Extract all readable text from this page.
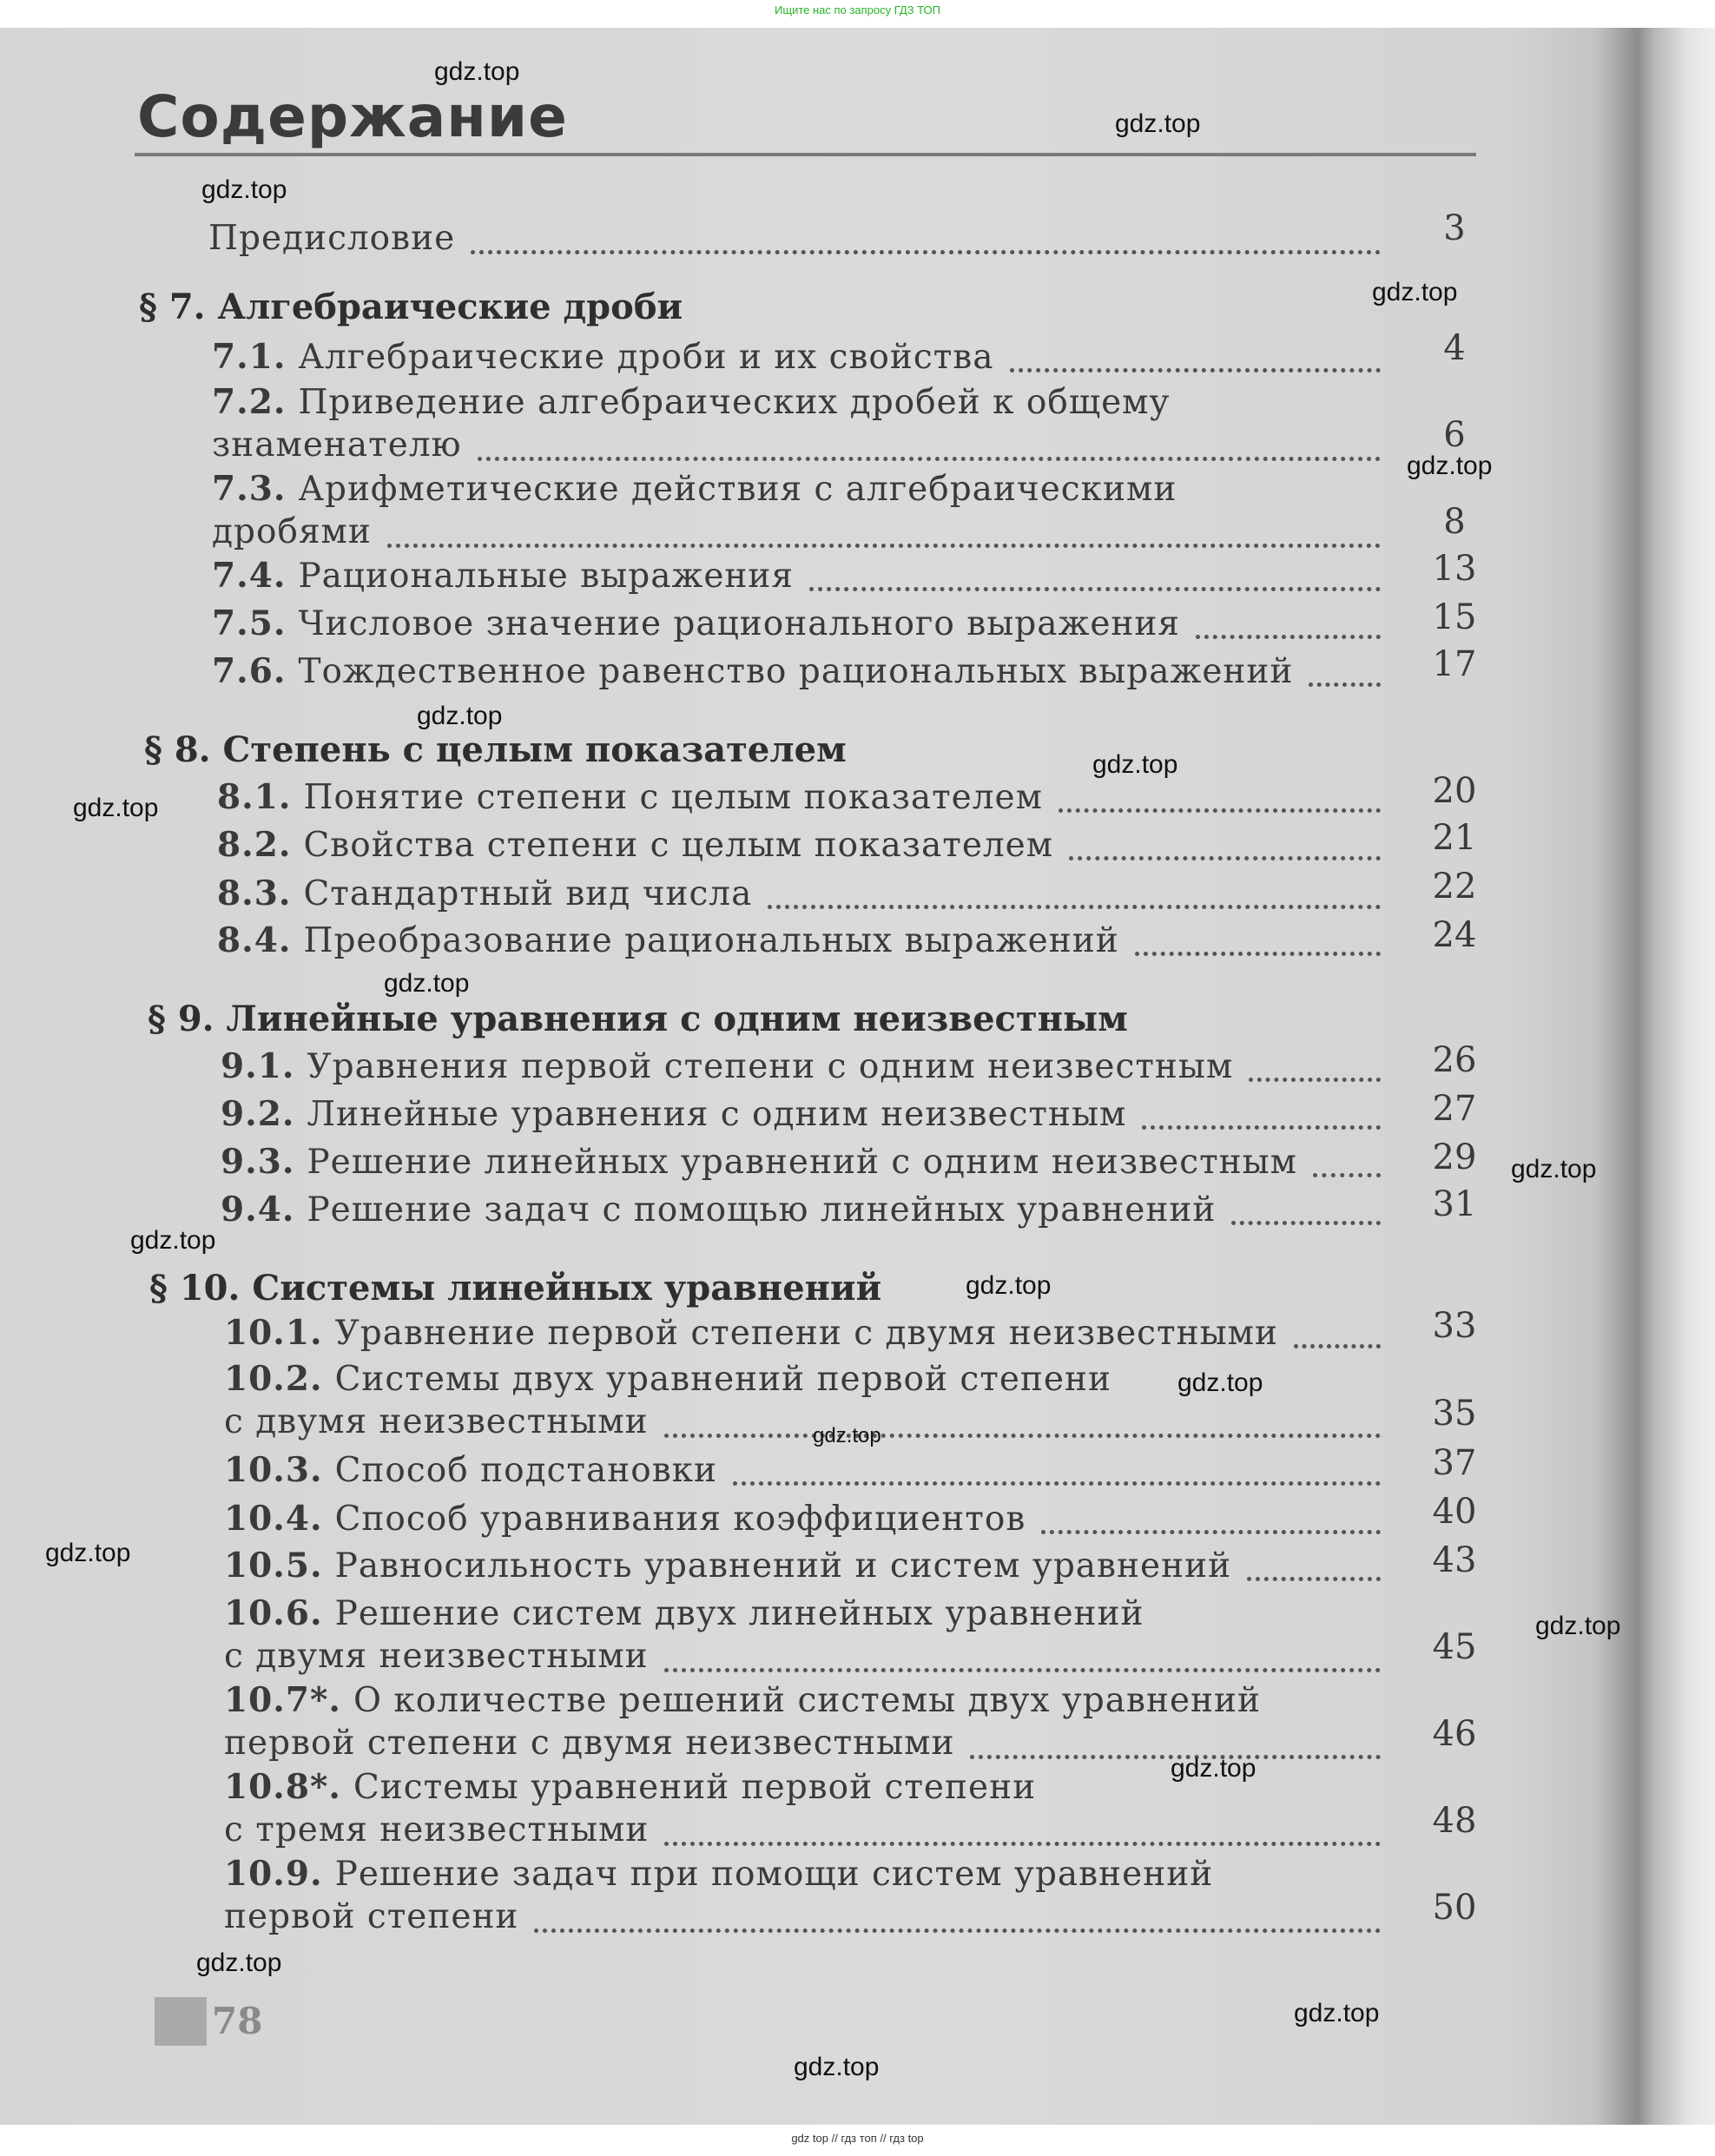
Ищите нас по запросу ГДЗ ТОП
Содержание
Предисловие	3
§ 7. Алгебраические дроби
7.1. Алгебраические дроби и их свойства	4
7.2. Приведение алгебраических дробей к общему
знаменателю	6
7.3. Арифметические действия с алгебраическими
дробями	8
7.4. Рациональные выражения	13
7.5. Числовое значение рационального выражения	15
7.6. Тождественное равенство рациональных выражений	17
§ 8. Степень с целым показателем
8.1. Понятие степени с целым показателем	20
8.2. Свойства степени с целым показателем	21
8.3. Стандартный вид числа	22
8.4. Преобразование рациональных выражений	24
§ 9. Линейные уравнения с одним неизвестным
9.1. Уравнения первой степени с одним неизвестным	26
9.2. Линейные уравнения с одним неизвестным	27
9.3. Решение линейных уравнений с одним неизвестным	29
9.4. Решение задач с помощью линейных уравнений	31
§ 10. Системы линейных уравнений
10.1. Уравнение первой степени с двумя неизвестными	33
10.2. Системы двух уравнений первой степени
с двумя неизвестными	35
10.3. Способ подстановки	37
10.4. Способ уравнивания коэффициентов	40
10.5. Равносильность уравнений и систем уравнений	43
10.6. Решение систем двух линейных уравнений
с двумя неизвестными	45
10.7*. О количестве решений системы двух уравнений
первой степени с двумя неизвестными	46
10.8*. Системы уравнений первой степени
с тремя неизвестными	48
10.9. Решение задач при помощи систем уравнений
первой степени	50
78
gdz.top
gdz.top
gdz.top
gdz.top
gdz.top
gdz.top
gdz.top
gdz.top
gdz.top
gdz.top
gdz.top
gdz.top
gdz.top
gdz.top
gdz.top
gdz.top
gdz.top
gdz.top
gdz.top
gdz.top
gdz top // гдз топ // гдз top
